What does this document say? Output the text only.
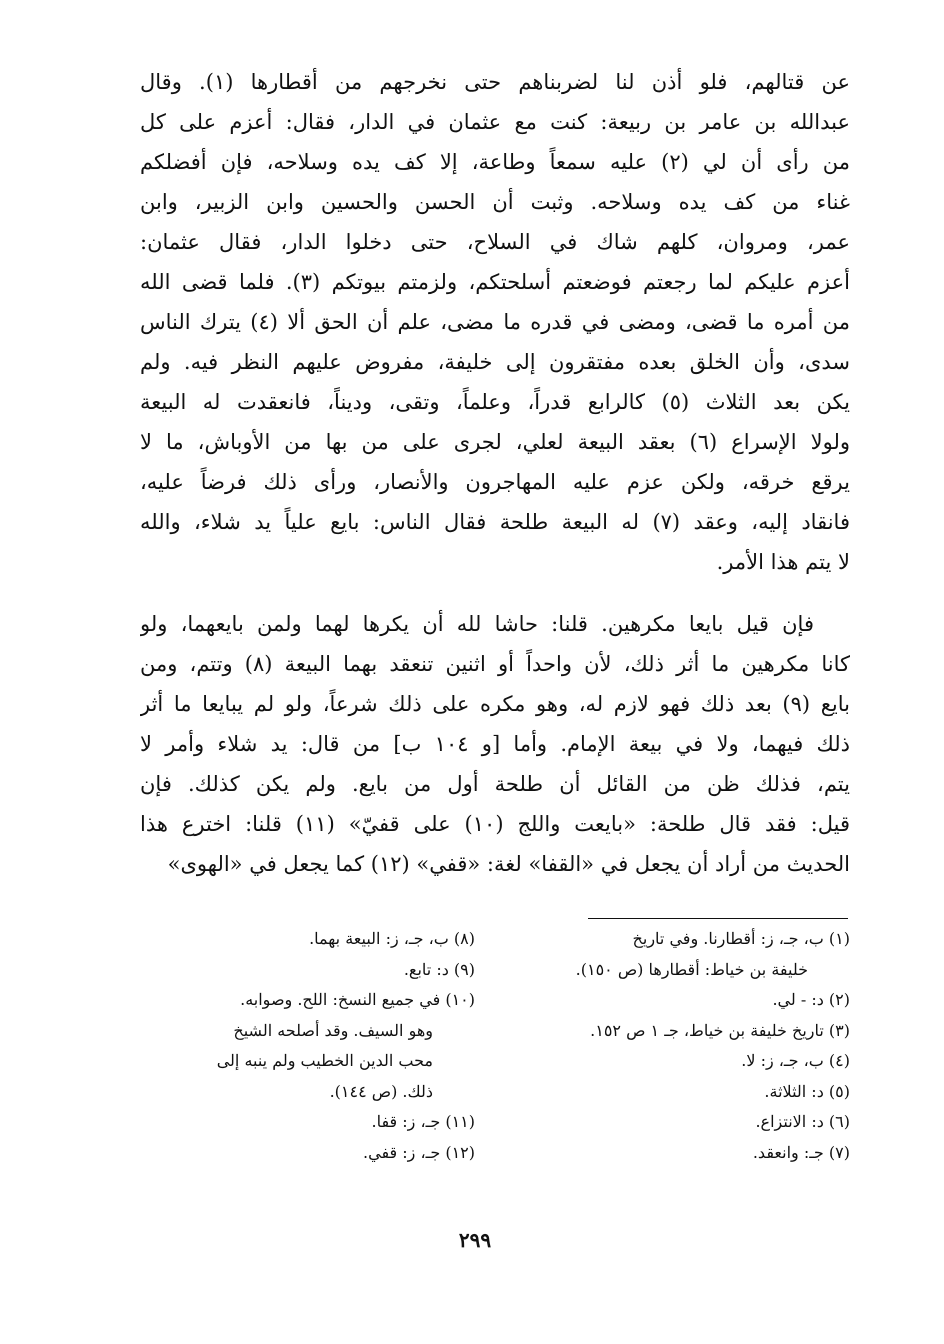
عن قتالهم، فلو أذن لنا لضربناهم حتى نخرجهم من أقطارها (١). وقال
عبدالله بن عامر بن ربيعة: كنت مع عثمان في الدار، فقال: أعزم على كل
من رأى أن لي (٢) عليه سمعاً وطاعة، إلا كف يده وسلاحه، فإن أفضلكم
غناء من كف يده وسلاحه. وثبت أن الحسن والحسين وابن الزبير، وابن
عمر، ومروان، كلهم شاك في السلاح، حتى دخلوا الدار، فقال عثمان:
أعزم عليكم لما رجعتم فوضعتم أسلحتكم، ولزمتم بيوتكم (٣). فلما قضى الله
من أمره ما قضى، ومضى في قدره ما مضى، علم أن الحق ألا (٤) يترك الناس
سدى، وأن الخلق بعده مفتقرون إلى خليفة، مفروض عليهم النظر فيه. ولم
يكن بعد الثلاث (٥) كالرابع قدراً، وعلماً، وتقى، وديناً، فانعقدت له البيعة
ولولا الإسراع (٦) بعقد البيعة لعلي، لجرى على من بها من الأوباش، ما لا
يرقع خرقه، ولكن عزم عليه المهاجرون والأنصار، ورأى ذلك فرضاً عليه،
فانقاد إليه، وعقد (٧) له البيعة طلحة فقال الناس: بايع علياً يد شلاء، والله
لا يتم هذا الأمر.
فإن قيل بايعا مكرهين. قلنا: حاشا لله أن يكرها لهما ولمن بايعهما، ولو
كانا مكرهين ما أثر ذلك، لأن واحداً أو اثنين تنعقد بهما البيعة (٨) وتتم، ومن
بايع (٩) بعد ذلك فهو لازم له، وهو مكره على ذلك شرعاً، ولو لم يبايعا ما أثر
ذلك فيهما، ولا في بيعة الإمام. وأما [و ١٠٤ ب] من قال: يد شلاء وأمر لا
يتم، فذلك ظن من القائل أن طلحة أول من بايع. ولم يكن كذلك. فإن
قيل: فقد قال طلحة: «بايعت واللج (١٠) على قفيّ» (١١) قلنا: اخترع هذا
الحديث من أراد أن يجعل في «القفا» لغة: «قفي» (١٢) كما يجعل في «الهوى»
(١) ب، جـ، ز: أقطارنا. وفي تاريخ
خليفة بن خياط: أقطارها (ص ١٥٠).
(٢) د: - لي.
(٣) تاريخ خليفة بن خياط، جـ ١ ص ١٥٢.
(٤) ب، جـ، ز: لا.
(٥) د: الثلاثة.
(٦) د: الانتزاع.
(٧) جـ: وانعقد.
(٨) ب، جـ، ز: البيعة بهما.
(٩) د: تابع.
(١٠) في جميع النسخ: اللح. وصوابه.
وهو السيف. وقد أصلحه الشيخ
محب الدين الخطيب ولم ينبه إلى
ذلك. (ص ١٤٤).
(١١) جـ، ز: قفا.
(١٢) جـ، ز: قفي.
٢٩٩
